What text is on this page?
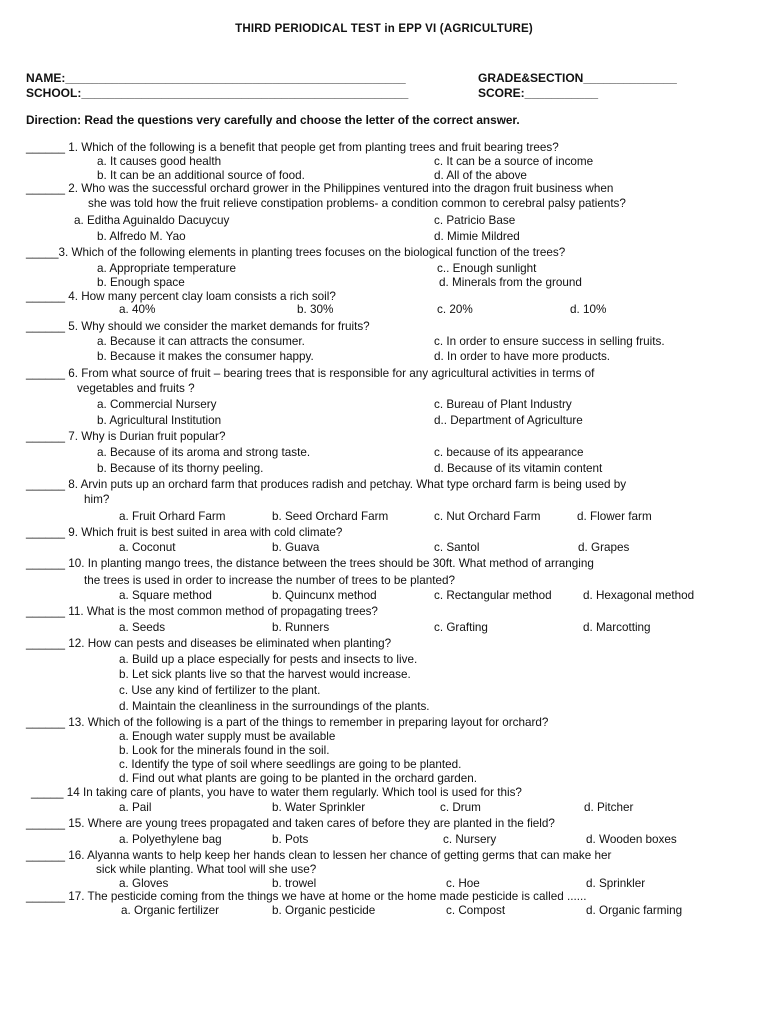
THIRD PERIODICAL TEST in EPP VI (AGRICULTURE)
NAME:___________________________________________________	GRADE&SECTION______________
SCHOOL:_________________________________________________	SCORE:___________
Direction: Read the questions very carefully and choose the letter of the correct answer.
______ 1. Which of the following is a benefit that people get from planting trees and fruit bearing trees?
a. It causes good health	c. It can be a source of income
b. It can be an additional source of food.	d. All of the above
______ 2. Who was the successful orchard grower in the Philippines ventured into the dragon fruit business when
she was told how the fruit relieve constipation problems- a condition common to cerebral palsy patients?
a. Editha Aguinaldo Dacuycuy	c. Patricio Base
b. Alfredo M. Yao	d. Mimie Mildred
_____3. Which of the following elements in planting trees focuses on the biological function of the trees?
a. Appropriate temperature	c.. Enough sunlight
b. Enough space	d. Minerals from the ground
______ 4. How many percent clay loam consists a rich soil?
a. 40%	b. 30%	c. 20%	d. 10%
______ 5. Why should we consider the market demands for fruits?
a. Because it can attracts the consumer.	c. In order to ensure success in selling fruits.
b. Because it makes the consumer happy.	d. In order to have more products.
______ 6. From what source of fruit – bearing trees that is responsible for any agricultural activities in terms of
vegetables and fruits ?
a. Commercial Nursery	c. Bureau of Plant Industry
b. Agricultural Institution	d.. Department of Agriculture
______ 7. Why is Durian fruit popular?
a. Because of its aroma and strong taste.	c. because of its appearance
b. Because of its thorny peeling.	d. Because of its vitamin content
______ 8. Arvin puts up an orchard farm that produces radish and petchay. What type orchard farm is being used by
him?
a. Fruit Orhard Farm	b. Seed Orchard Farm	c. Nut Orchard Farm	d. Flower farm
______ 9. Which fruit is best suited in area with cold climate?
a. Coconut	b. Guava	c. Santol	d. Grapes
______ 10. In planting mango trees, the distance between the trees should be 30ft. What method of arranging
the trees is used in order to increase the number of trees to be planted?
a. Square method	b. Quincunx method	c. Rectangular method	d. Hexagonal method
______ 11. What is the most common method of propagating trees?
a. Seeds	b. Runners	c. Grafting	d. Marcotting
______ 12. How can pests and diseases be eliminated when planting?
a. Build up a place especially for pests and insects to live.
b. Let sick plants live so that the harvest would increase.
c. Use any kind of fertilizer to the plant.
d. Maintain the cleanliness in the surroundings of the plants.
______ 13. Which of the following is a part of the things to remember in preparing layout for orchard?
a. Enough water supply must be available
b. Look for the minerals found in the soil.
c. Identify the type of soil where seedlings are going to be planted.
d. Find out what plants are going to be planted in the orchard garden.
_____ 14 In taking care of plants, you have to water them regularly. Which tool is used for this?
a. Pail	b. Water Sprinkler	c. Drum	d. Pitcher
______ 15. Where are young trees propagated and taken cares of before they are planted in the field?
a. Polyethylene bag	b. Pots	c. Nursery	d. Wooden boxes
______ 16. Alyanna wants to help keep her hands clean to lessen her chance of getting germs that can make her
sick while planting. What tool will she use?
a. Gloves	b. trowel	c. Hoe	d. Sprinkler
______ 17. The pesticide coming from the things we have at home or the home made pesticide is called ......
a. Organic fertilizer	b. Organic pesticide	c. Compost	d. Organic farming
